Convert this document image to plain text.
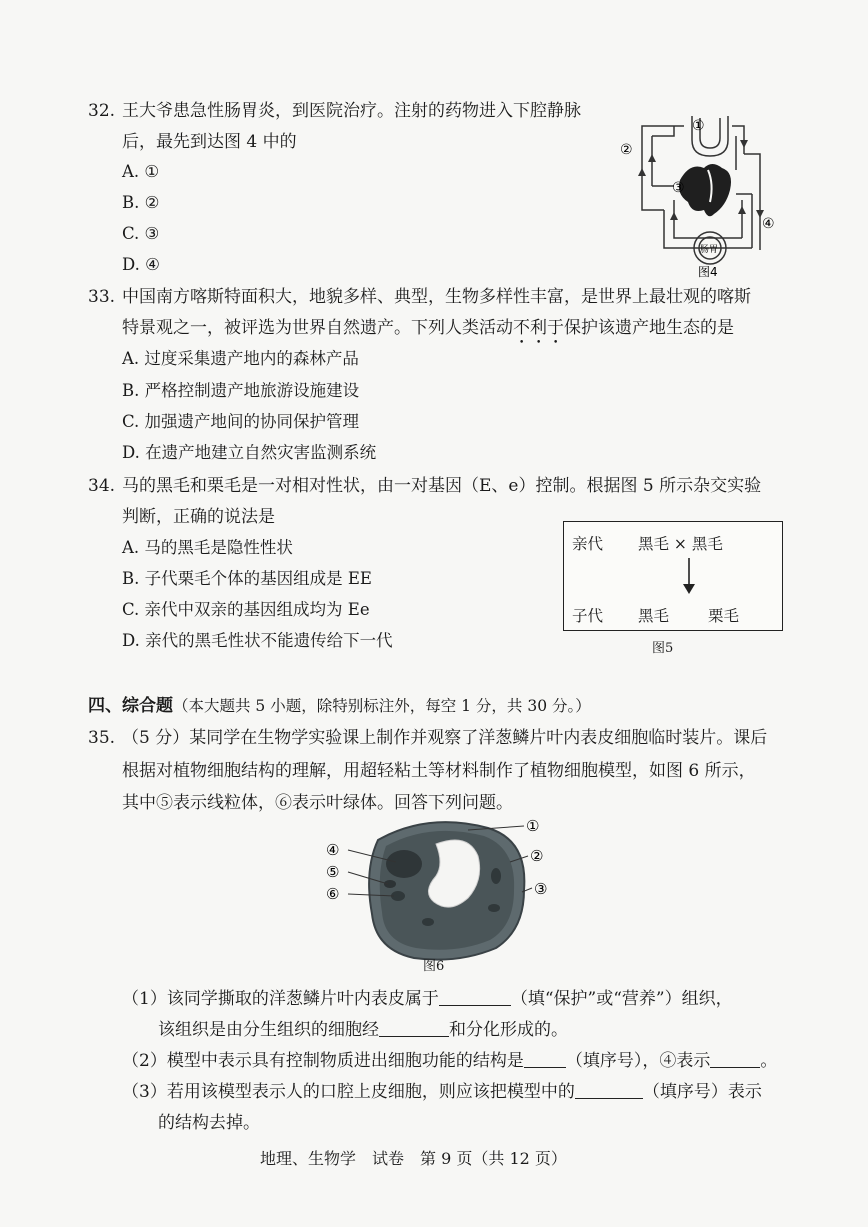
32. 王大爷患急性肠胃炎，到医院治疗。注射的药物进入下腔静脉
后，最先到达图 4 中的
A. ①
B. ②
C. ③
D. ④
①
②
③
④
肠胃
图4
33. 中国南方喀斯特面积大，地貌多样、典型，生物多样性丰富，是世界上最壮观的喀斯
特景观之一，被评选为世界自然遗产。下列人类活动不利于保护该遗产地生态的是
A. 过度采集遗产地内的森林产品
B. 严格控制遗产地旅游设施建设
C. 加强遗产地间的协同保护管理
D. 在遗产地建立自然灾害监测系统
34. 马的黑毛和栗毛是一对相对性状，由一对基因（E、e）控制。根据图 5 所示杂交实验
判断，正确的说法是
A. 马的黑毛是隐性性状
B. 子代栗毛个体的基因组成是 EE
C. 亲代中双亲的基因组成均为 Ee
D. 亲代的黑毛性状不能遗传给下一代
亲代 黑毛 × 黑毛
子代 黑毛	栗毛
图5
四、综合题（本大题共 5 小题，除特别标注外，每空 1 分，共 30 分。）
35. （5 分）某同学在生物学实验课上制作并观察了洋葱鳞片叶内表皮细胞临时装片。课后
根据对植物细胞结构的理解，用超轻粘土等材料制作了植物细胞模型，如图 6 所示，
其中⑤表示线粒体，⑥表示叶绿体。回答下列问题。
①
②
③
④
⑤
⑥
图6
（1）该同学撕取的洋葱鳞片叶内表皮属于	（填“保护”或“营养”）组织，
该组织是由分生组织的细胞经	和分化形成的。
（2）模型中表示具有控制物质进出细胞功能的结构是 （填序号），④表示	。
（3）若用该模型表示人的口腔上皮细胞，则应该把模型中的	（填序号）表示
的结构去掉。
地理、生物学　试卷　第 9 页（共 12 页）
